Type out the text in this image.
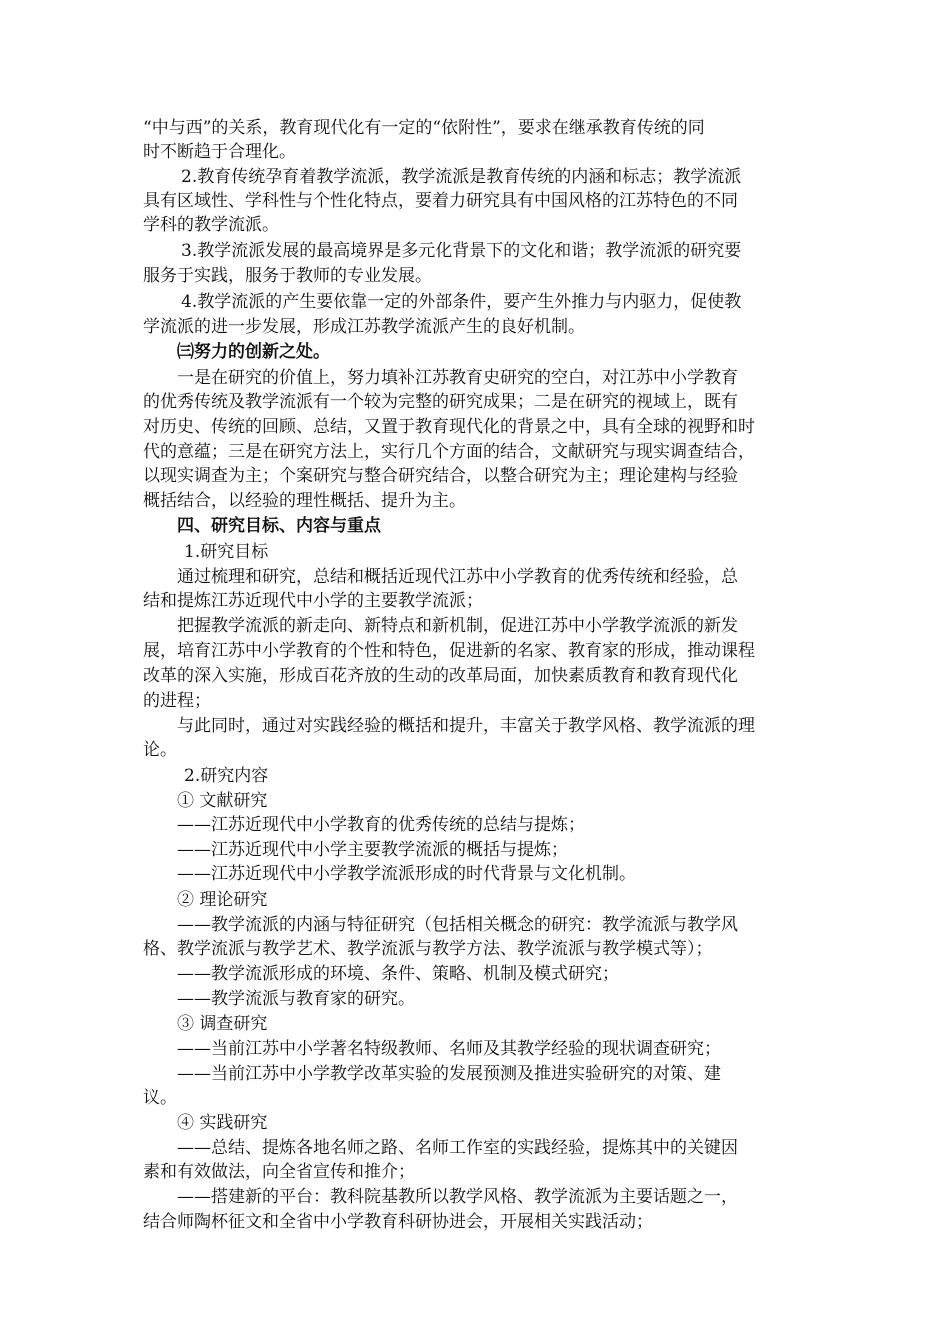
“中与西”的关系，教育现代化有一定的“依附性”，要求在继承教育传统的同
时不断趋于合理化。
2.教育传统孕育着教学流派，教学流派是教育传统的内涵和标志；教学流派
具有区域性、学科性与个性化特点，要着力研究具有中国风格的江苏特色的不同
学科的教学流派。
3.教学流派发展的最高境界是多元化背景下的文化和谐；教学流派的研究要
服务于实践，服务于教师的专业发展。
4.教学流派的产生要依靠一定的外部条件，要产生外推力与内驱力，促使教
学流派的进一步发展，形成江苏教学流派产生的良好机制。
㈢努力的创新之处。
一是在研究的价值上，努力填补江苏教育史研究的空白，对江苏中小学教育
的优秀传统及教学流派有一个较为完整的研究成果；二是在研究的视域上，既有
对历史、传统的回顾、总结，又置于教育现代化的背景之中，具有全球的视野和时
代的意蕴；三是在研究方法上，实行几个方面的结合，文献研究与现实调查结合，
以现实调查为主；个案研究与整合研究结合，以整合研究为主；理论建构与经验
概括结合，以经验的理性概括、提升为主。
四、研究目标、内容与重点
1.研究目标
通过梳理和研究，总结和概括近现代江苏中小学教育的优秀传统和经验，总
结和提炼江苏近现代中小学的主要教学流派；
把握教学流派的新走向、新特点和新机制，促进江苏中小学教学流派的新发
展，培育江苏中小学教育的个性和特色，促进新的名家、教育家的形成，推动课程
改革的深入实施，形成百花齐放的生动的改革局面，加快素质教育和教育现代化
的进程；
与此同时，通过对实践经验的概括和提升，丰富关于教学风格、教学流派的理
论。
2.研究内容
① 文献研究
——江苏近现代中小学教育的优秀传统的总结与提炼；
——江苏近现代中小学主要教学流派的概括与提炼；
——江苏近现代中小学教学流派形成的时代背景与文化机制。
② 理论研究
——教学流派的内涵与特征研究（包括相关概念的研究：教学流派与教学风
格、教学流派与教学艺术、教学流派与教学方法、教学流派与教学模式等）；
——教学流派形成的环境、条件、策略、机制及模式研究；
——教学流派与教育家的研究。
③ 调查研究
——当前江苏中小学著名特级教师、名师及其教学经验的现状调查研究；
——当前江苏中小学教学改革实验的发展预测及推进实验研究的对策、建
议。
④ 实践研究
——总结、提炼各地名师之路、名师工作室的实践经验，提炼其中的关键因
素和有效做法，向全省宣传和推介；
——搭建新的平台：教科院基教所以教学风格、教学流派为主要话题之一，
结合师陶杯征文和全省中小学教育科研协进会，开展相关实践活动；
